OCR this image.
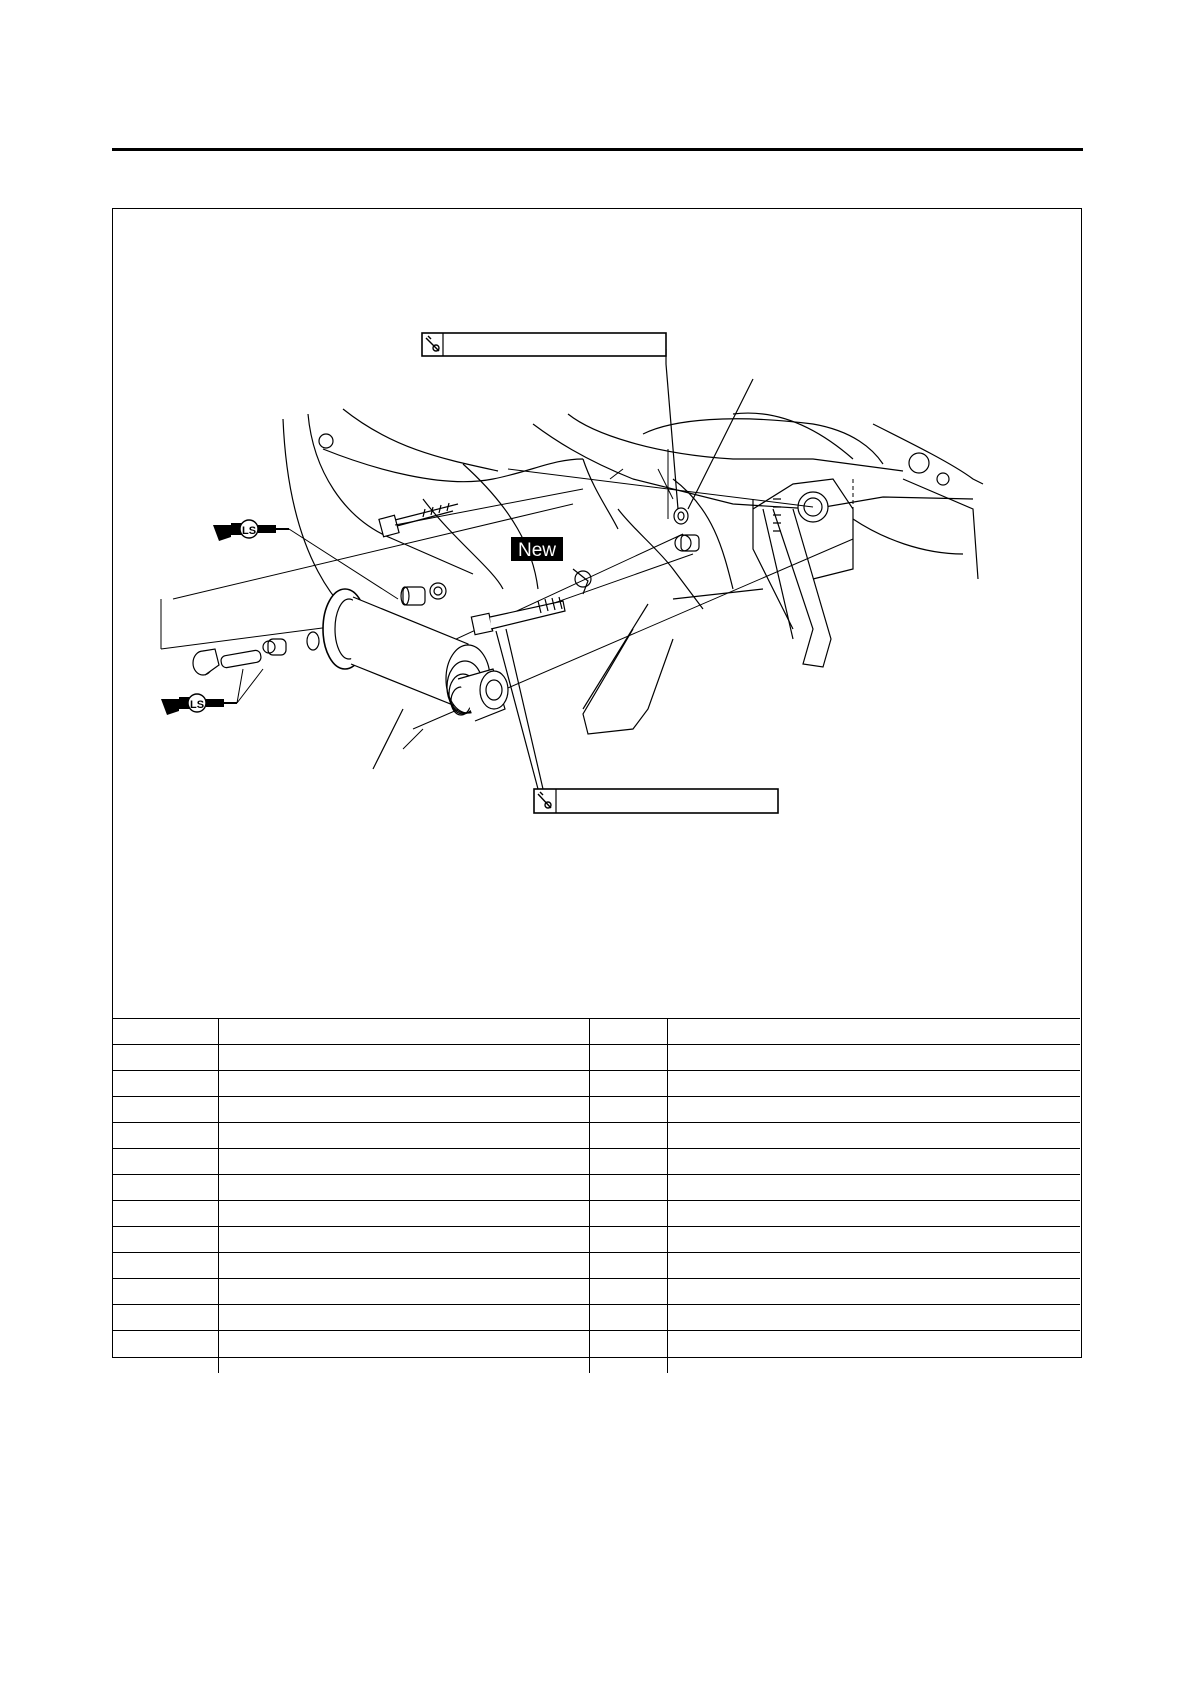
New
LS
LS
